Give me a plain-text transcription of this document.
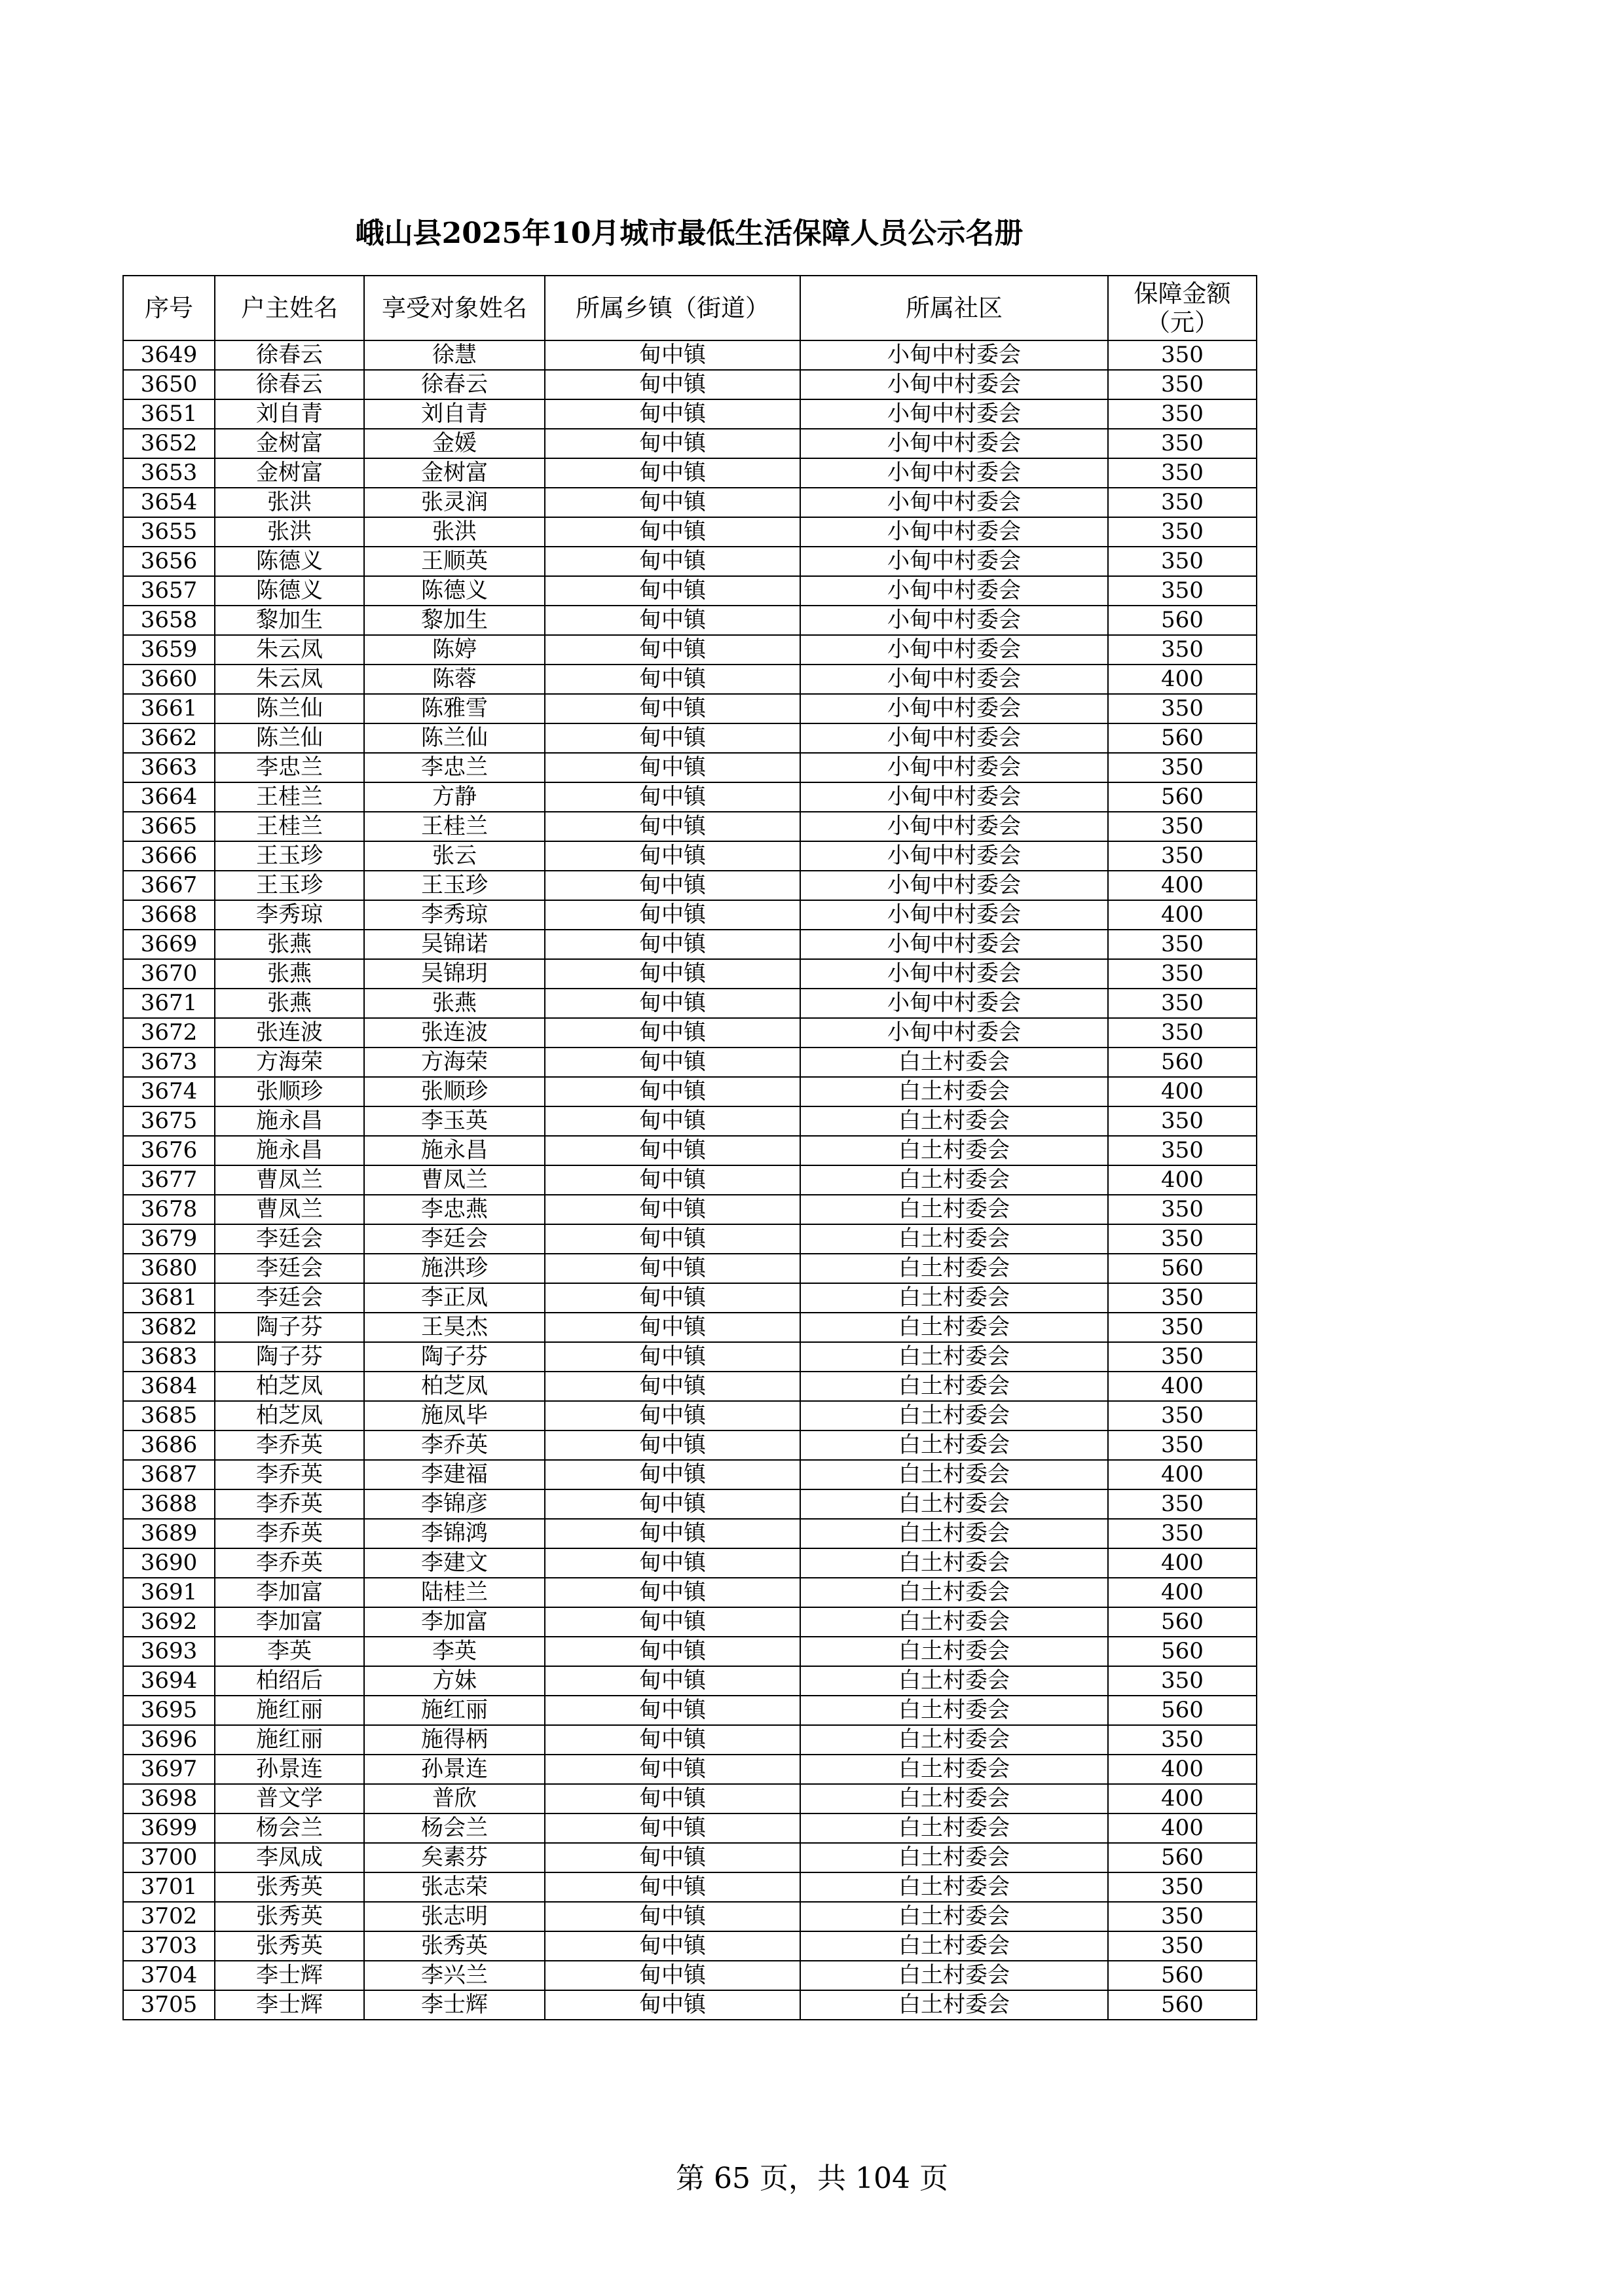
峨山县2025年10月城市最低生活保障人员公示名册
序号	户主姓名	享受对象姓名	所属乡镇（街道）	所属社区	保障金额（元）
3649	徐春云	徐慧	甸中镇	小甸中村委会	350
3650	徐春云	徐春云	甸中镇	小甸中村委会	350
3651	刘自青	刘自青	甸中镇	小甸中村委会	350
3652	金树富	金媛	甸中镇	小甸中村委会	350
3653	金树富	金树富	甸中镇	小甸中村委会	350
3654	张洪	张灵润	甸中镇	小甸中村委会	350
3655	张洪	张洪	甸中镇	小甸中村委会	350
3656	陈德义	王顺英	甸中镇	小甸中村委会	350
3657	陈德义	陈德义	甸中镇	小甸中村委会	350
3658	黎加生	黎加生	甸中镇	小甸中村委会	560
3659	朱云凤	陈婷	甸中镇	小甸中村委会	350
3660	朱云凤	陈蓉	甸中镇	小甸中村委会	400
3661	陈兰仙	陈雅雪	甸中镇	小甸中村委会	350
3662	陈兰仙	陈兰仙	甸中镇	小甸中村委会	560
3663	李忠兰	李忠兰	甸中镇	小甸中村委会	350
3664	王桂兰	方静	甸中镇	小甸中村委会	560
3665	王桂兰	王桂兰	甸中镇	小甸中村委会	350
3666	王玉珍	张云	甸中镇	小甸中村委会	350
3667	王玉珍	王玉珍	甸中镇	小甸中村委会	400
3668	李秀琼	李秀琼	甸中镇	小甸中村委会	400
3669	张燕	吴锦诺	甸中镇	小甸中村委会	350
3670	张燕	吴锦玥	甸中镇	小甸中村委会	350
3671	张燕	张燕	甸中镇	小甸中村委会	350
3672	张连波	张连波	甸中镇	小甸中村委会	350
3673	方海荣	方海荣	甸中镇	白土村委会	560
3674	张顺珍	张顺珍	甸中镇	白土村委会	400
3675	施永昌	李玉英	甸中镇	白土村委会	350
3676	施永昌	施永昌	甸中镇	白土村委会	350
3677	曹凤兰	曹凤兰	甸中镇	白土村委会	400
3678	曹凤兰	李忠燕	甸中镇	白土村委会	350
3679	李廷会	李廷会	甸中镇	白土村委会	350
3680	李廷会	施洪珍	甸中镇	白土村委会	560
3681	李廷会	李正凤	甸中镇	白土村委会	350
3682	陶子芬	王昊杰	甸中镇	白土村委会	350
3683	陶子芬	陶子芬	甸中镇	白土村委会	350
3684	柏芝凤	柏芝凤	甸中镇	白土村委会	400
3685	柏芝凤	施凤毕	甸中镇	白土村委会	350
3686	李乔英	李乔英	甸中镇	白土村委会	350
3687	李乔英	李建福	甸中镇	白土村委会	400
3688	李乔英	李锦彦	甸中镇	白土村委会	350
3689	李乔英	李锦鸿	甸中镇	白土村委会	350
3690	李乔英	李建文	甸中镇	白土村委会	400
3691	李加富	陆桂兰	甸中镇	白土村委会	400
3692	李加富	李加富	甸中镇	白土村委会	560
3693	李英	李英	甸中镇	白土村委会	560
3694	柏绍后	方妹	甸中镇	白土村委会	350
3695	施红丽	施红丽	甸中镇	白土村委会	560
3696	施红丽	施得柄	甸中镇	白土村委会	350
3697	孙景连	孙景连	甸中镇	白土村委会	400
3698	普文学	普欣	甸中镇	白土村委会	400
3699	杨会兰	杨会兰	甸中镇	白土村委会	400
3700	李凤成	矣素芬	甸中镇	白土村委会	560
3701	张秀英	张志荣	甸中镇	白土村委会	350
3702	张秀英	张志明	甸中镇	白土村委会	350
3703	张秀英	张秀英	甸中镇	白土村委会	350
3704	李士辉	李兴兰	甸中镇	白土村委会	560
3705	李士辉	李士辉	甸中镇	白土村委会	560
第 65 页，共 104 页
